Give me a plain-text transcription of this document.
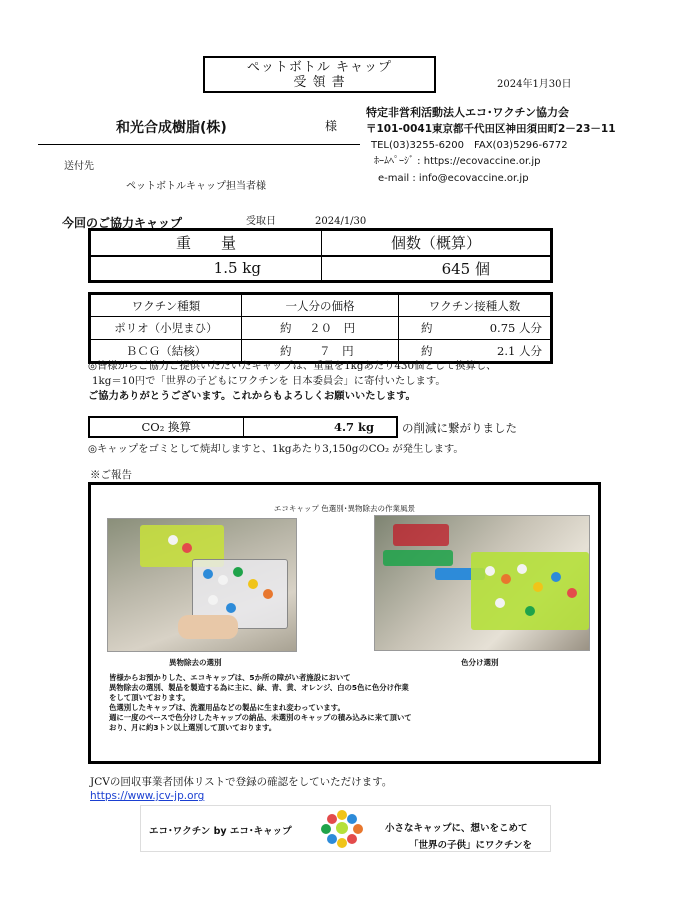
ペットボトル キャップ
受 領 書	2024年1月30日
和光合成樹脂(株)	様
特定非営利活動法人エコ･ワクチン協力会
〒101-0041東京都千代田区神田須田町2－23－11
TEL(03)3255-6200　FAX(03)5296-6772
ﾎｰﾑﾍﾟｰｼﾞ : https://ecovaccine.or.jp
e-mail : info@ecovaccine.or.jp
送付先
ペットボトルキャップ担当者様
今回のご協力キャップ	受取日	2024/1/30
重　　量	個数（概算）
1.5 kg	645 個
ワクチン種類	一人分の価格	ワクチン接種人数
ポリオ（小児まひ）	約 ２０　円	約 0.75 人分

ＢＣＧ（結核）	約 ７　円	約 2.1 人分
◎皆様からご協力ご提供いただいたキャップは、重量を1kgあたり430個として換算し、
1kg＝10円で「世界の子どもにワクチンを 日本委員会」に寄付いたします。
ご協力ありがとうございます。これからもよろしくお願いいたします。
CO₂ 換算	4.7 kg の削減に繋がりました
◎キャップをゴミとして焼却しますと、1kgあたり3,150gのCO₂ が発生します。
※ご報告
エコキャップ 色選別･異物除去の作業風景
異物除去の選別	色分け選別
皆様からお預かりした、エコキャップは、5か所の障がい者施設において
異物除去の選別、製品を製造する為に主に、緑、青、黄、オレンジ、白の5色に色分け作業
をして頂いております。
色選別したキャップは、洗濯用品などの製品に生まれ変わっています。
週に一度のペースで色分けしたキャップの納品、未選別のキャップの積み込みに来て頂いて
おり、月に約3トン以上選別して頂いております。
JCVの回収事業者団体リストで登録の確認をしていただけます。
https://www.jcv-jp.org
エコ･ワクチン by エコ･キャップ	小さなキャップに、想いをこめて
「世界の子供」にワクチンを
